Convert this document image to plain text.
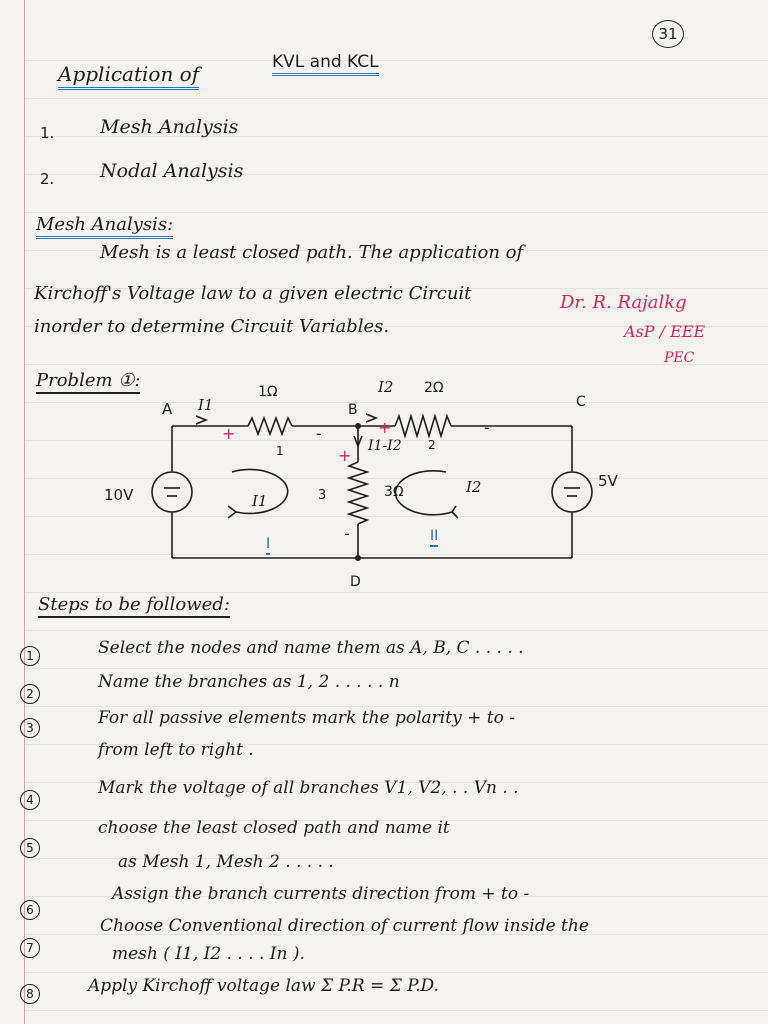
31
Application of	KVL and KCL
1. Mesh Analysis
2. Nodal Analysis
Mesh Analysis:
Mesh is a least closed path. The application of
Kirchoff's Voltage law to a given electric Circuit
inorder to determine Circuit Variables.
Dr. R. Rajalkg
AsP / EEE
PEC
Problem ①:
A	B	C
D
1Ω	2Ω
3Ω
3
10V
5V
I1
I2
I1-I2
1	2
I1
I2
I	II
+	-	+	-
+
-
Steps to be followed:
1	Select the nodes and name them as A, B, C . . . . .
2
Name the branches as 1, 2 . . . . . n
3	For all passive elements mark the polarity + to -
from left to right .
4
Mark the voltage of all branches V1, V2, . . Vn . .
5
choose the least closed path and name it
as Mesh 1, Mesh 2 . . . . .
6
Assign the branch currents direction from + to -
7
Choose Conventional direction of current flow inside the
mesh ( I1, I2 . . . . In ).
8	Apply Kirchoff voltage law Σ P.R = Σ P.D.
